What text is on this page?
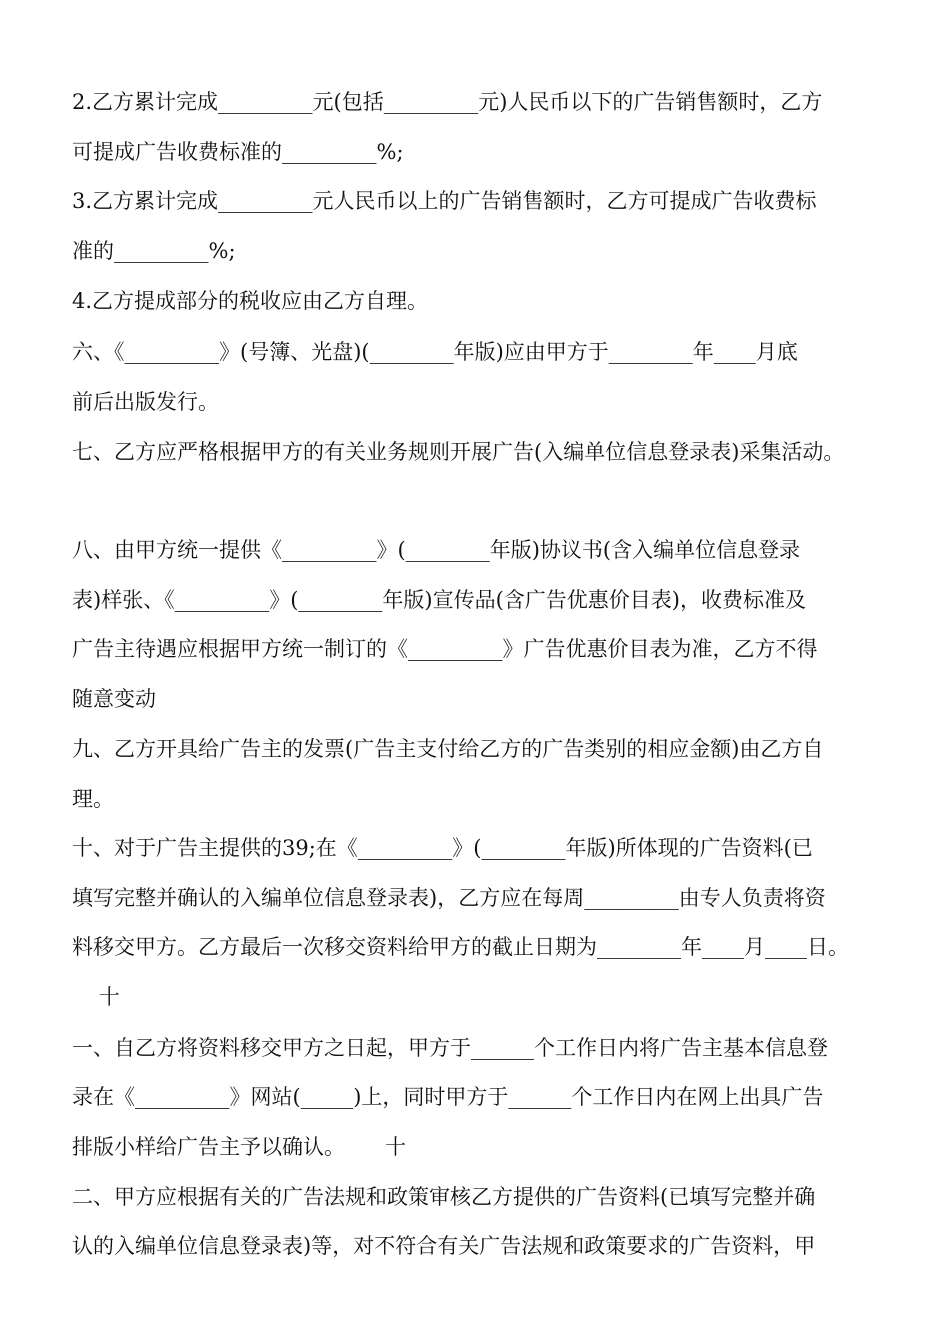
2.乙方累计完成_________元(包括_________元)人民币以下的广告销售额时，乙方

可提成广告收费标准的_________%;

3.乙方累计完成_________元人民币以上的广告销售额时，乙方可提成广告收费标

准的_________%;

4.乙方提成部分的税收应由乙方自理。

六、《_________》(号簿、光盘)(________年版)应由甲方于________年____月底

前后出版发行。

七、乙方应严格根据甲方的有关业务规则开展广告(入编单位信息登录表)采集活动。

八、由甲方统一提供《_________》(________年版)协议书(含入编单位信息登录

表)样张、《_________》(________年版)宣传品(含广告优惠价目表)，收费标准及

广告主待遇应根据甲方统一制订的《_________》广告优惠价目表为准，乙方不得

随意变动

九、乙方开具给广告主的发票(广告主支付给乙方的广告类别的相应金额)由乙方自

理。

十、对于广告主提供的39;在《_________》(________年版)所体现的广告资料(已

填写完整并确认的入编单位信息登录表)，乙方应在每周_________由专人负责将资

料移交甲方。乙方最后一次移交资料给甲方的截止日期为________年____月____日。

十

一、自乙方将资料移交甲方之日起，甲方于______个工作日内将广告主基本信息登

录在《_________》网站(_____)上，同时甲方于______个工作日内在网上出具广告

排版小样给广告主予以确认。      十

二、甲方应根据有关的广告法规和政策审核乙方提供的广告资料(已填写完整并确

认的入编单位信息登录表)等，对不符合有关广告法规和政策要求的广告资料，甲
